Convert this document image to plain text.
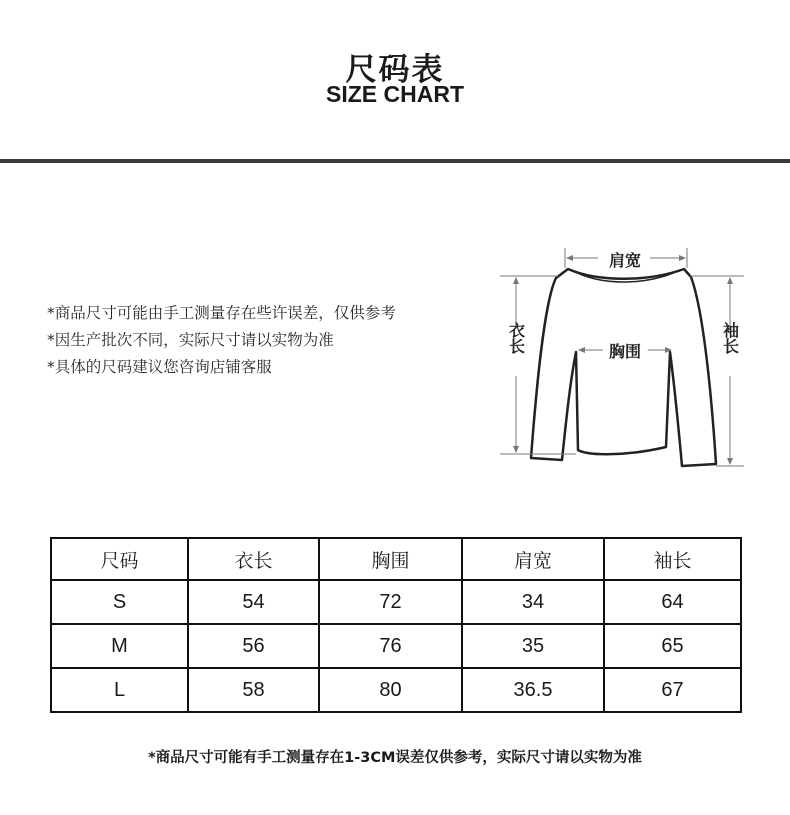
尺码表
SIZE CHART
*商品尺寸可能由手工测量存在些许误差，仅供参考
*因生产批次不同，实际尺寸请以实物为准
*具体的尺码建议您咨询店铺客服
肩宽
胸围
衣长	袖长
尺码	衣长	胸围	肩宽	袖长
S	54	72	34	64
M	56	76	35	65
L	58	80	36.5	67
*商品尺寸可能有手工测量存在1-3CM误差仅供参考，实际尺寸请以实物为准
